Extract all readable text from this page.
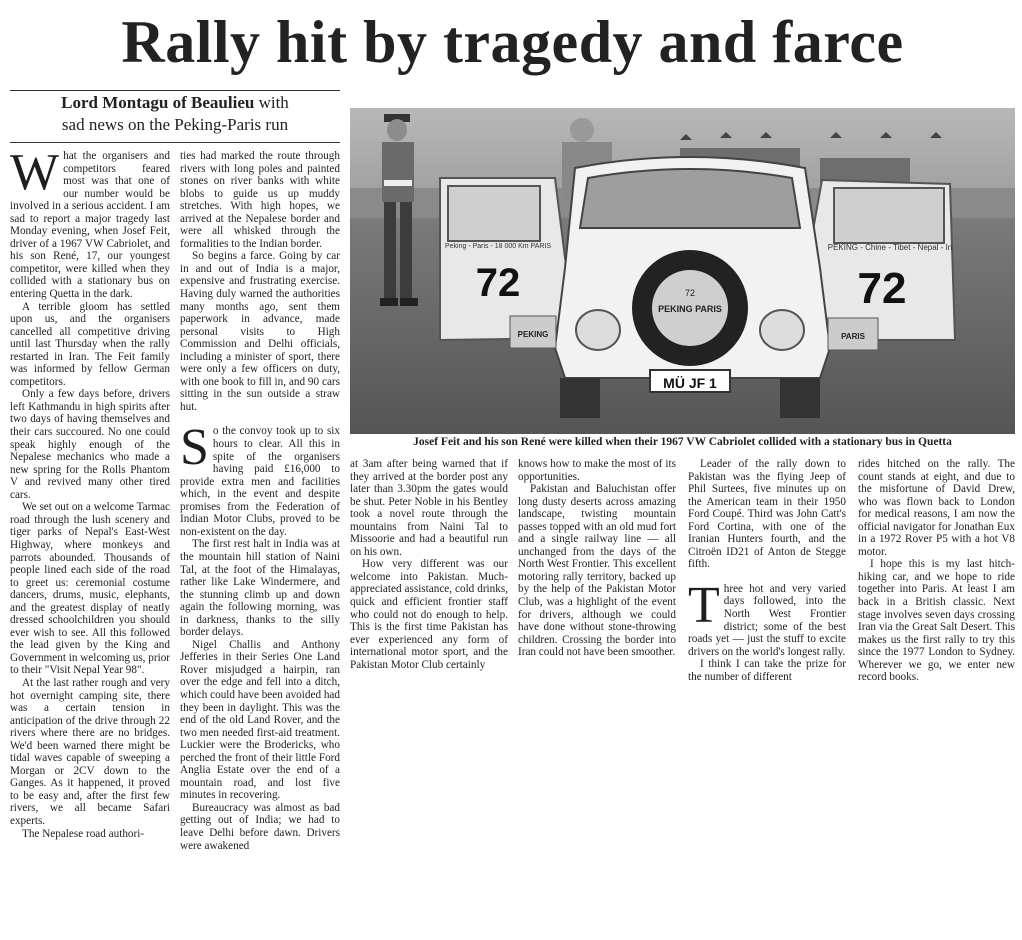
Rally hit by tragedy and farce
Lord Montagu of Beaulieu with
sad news on the Peking-Paris run

What the organisers and competitors feared most was that one of our number would be involved in a serious accident. I am sad to report a major tragedy last Monday evening, when Josef Feit, driver of a 1967 VW Cabriolet, and his son René, 17, our youngest competitor, were killed when they collided with a stationary bus on entering Quetta in the dark.

A terrible gloom has settled upon us, and the organisers cancelled all competitive driving until last Thursday when the rally restarted in Iran. The Feit family was informed by fellow German competitors.

Only a few days before, drivers left Kathmandu in high spirits after two days of having themselves and their cars succoured. No one could speak highly enough of the Nepalese mechanics who made a new spring for the Rolls Phantom V and revived many other tired cars.

We set out on a welcome Tarmac road through the lush scenery and tiger parks of Nepal's East-West Highway, where monkeys and parrots abounded. Thousands of people lined each side of the road to greet us: ceremonial costume dancers, drums, music, elephants, and the greatest display of neatly dressed schoolchildren you should ever wish to see. All this followed the lead given by the King and Government in welcoming us, prior to their "Visit Nepal Year 98".

At the last rather rough and very hot overnight camping site, there was a certain tension in anticipation of the drive through 22 rivers where there are no bridges. We'd been warned there might be tidal waves capable of sweeping a Morgan or 2CV down to the Ganges. As it happened, it proved to be easy and, after the first few rivers, we all became Safari experts.

The Nepalese road authori-

ties had marked the route through rivers with long poles and painted stones on river banks with white blobs to guide us up muddy stretches. With high hopes, we arrived at the Nepalese border and were all whisked through the formalities to the Indian border.

So begins a farce. Going by car in and out of India is a major, expensive and frustrating exercise. Having duly warned the authorities many months ago, sent them paperwork in advance, made personal visits to High Commission and Delhi officials, including a minister of sport, there were only a few officers on duty, with one book to fill in, and 90 cars sitting in the sun outside a straw hut.

So the convoy took up to six hours to clear. All this in spite of the organisers having paid £16,000 to provide extra men and facilities which, in the event and despite promises from the Federation of Indian Motor Clubs, proved to be non-existent on the day.

The first rest halt in India was at the mountain hill station of Naini Tal, at the foot of the Himalayas, rather like Lake Windermere, and the stunning climb up and down again the following morning, was in darkness, thanks to the silly border delays.

Nigel Challis and Anthony Jefferies in their Series One Land Rover misjudged a hairpin, ran over the edge and fell into a ditch, which could have been avoided had they been in daylight. This was the end of the old Land Rover, and the two men needed first-aid treatment. Luckier were the Brodericks, who perched the front of their little Ford Anglia Estate over the end of a mountain road, and lost five minutes in recovering.

Bureaucracy was almost as bad getting out of India; we had to leave Delhi before dawn. Drivers were awakened

72	72
MÜ JF 1
Peking - Paris - 18 000 Km PARIS	PEKING - Chine - Tibet - Nepal - In
PEKING	PARIS
PEKING PARIS
72
Josef Feit and his son René were killed when their 1967 VW Cabriolet collided with a stationary bus in Quetta

at 3am after being warned that if they arrived at the border post any later than 3.30pm the gates would be shut. Peter Noble in his Bentley took a novel route through the mountains from Naini Tal to Missoorie and had a beautiful run on his own.

How very different was our welcome into Pakistan. Much-appreciated assistance, cold drinks, quick and efficient frontier staff who could not do enough to help. This is the first time Pakistan has ever experienced any form of international motor sport, and the Pakistan Motor Club certainly

knows how to make the most of its opportunities.

Pakistan and Baluchistan offer long dusty deserts across amazing landscape, twisting mountain passes topped with an old mud fort and a single railway line — all unchanged from the days of the North West Frontier. This excellent motoring rally territory, backed up by the help of the Pakistan Motor Club, was a highlight of the event for drivers, although we could have done without stone-throwing children. Crossing the border into Iran could not have been smoother.

Leader of the rally down to Pakistan was the flying Jeep of Phil Surtees, five minutes up on the American team in their 1950 Ford Coupé. Third was John Catt's Ford Cortina, with one of the Iranian Hunters fourth, and the Citroën ID21 of Anton de Stegge fifth.

Three hot and very varied days followed, into the North West Frontier district; some of the best roads yet — just the stuff to excite drivers on the world's longest rally.

I think I can take the prize for the number of different

rides hitched on the rally. The count stands at eight, and due to the misfortune of David Drew, who was flown back to London for medical reasons, I am now the official navigator for Jonathan Eux in a 1972 Rover P5 with a hot V8 motor.

I hope this is my last hitch-hiking car, and we hope to ride together into Paris. At least I am back in a British classic. Next stage involves seven days crossing Iran via the Great Salt Desert. This makes us the first rally to try this since the 1977 London to Sydney. Wherever we go, we enter new record books.
